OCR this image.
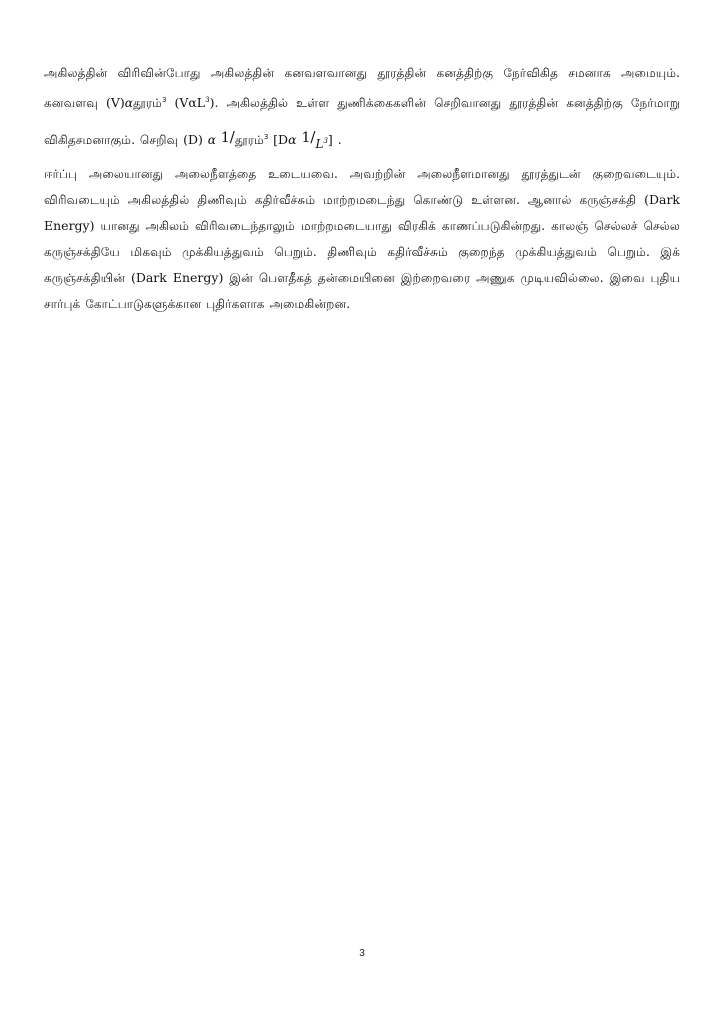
அகிலத்தின் விரிவின்போது அகிலத்தின் கனவளவானது தூரத்தின் கனத்திற்கு நேர்விகித சமனாக அமையும். கனவளவு (V)αதூரம்$^3$ (VαL$^3$). அகிலத்தில் உள்ள துணிக்கைகளின் செறிவானது தூரத்தின் கனத்திற்கு நேர்மாறு விகிதசமனாகும். செறிவு (D) α 1/தூரம்$^3$ [Dα $1/L^3$] .

ஈர்ப்பு அலையானது அலைநீளத்தை உடையவை. அவற்றின் அலைநீளமானது தூரத்துடன் குறைவடையும். விரிவடையும் அகிலத்தில் திணிவும் கதிர்வீச்சும் மாற்றமடைந்து கொண்டு உள்ளன. ஆனால் கருஞ்சக்தி (Dark Energy) யானது அகிலம் விரிவடைந்தாலும் மாற்றமடையாது விரகிக் காணப்படுகின்றது. காலஞ் செல்லச் செல்ல கருஞ்சக்தியே மிகவும் முக்கியத்துவம் பெறும். திணிவும் கதிர்வீச்சும் குறைந்த முக்கியத்துவம் பெறும். இக் கருஞ்சக்தியின் (Dark Energy) இன் பௌதீகத் தன்மையினை இற்றைவரை அணுக முடியவில்லை. இவை புதிய சார்புக் கோட்பாடுகளுக்கான புதிர்களாக அமைகின்றன.

3
